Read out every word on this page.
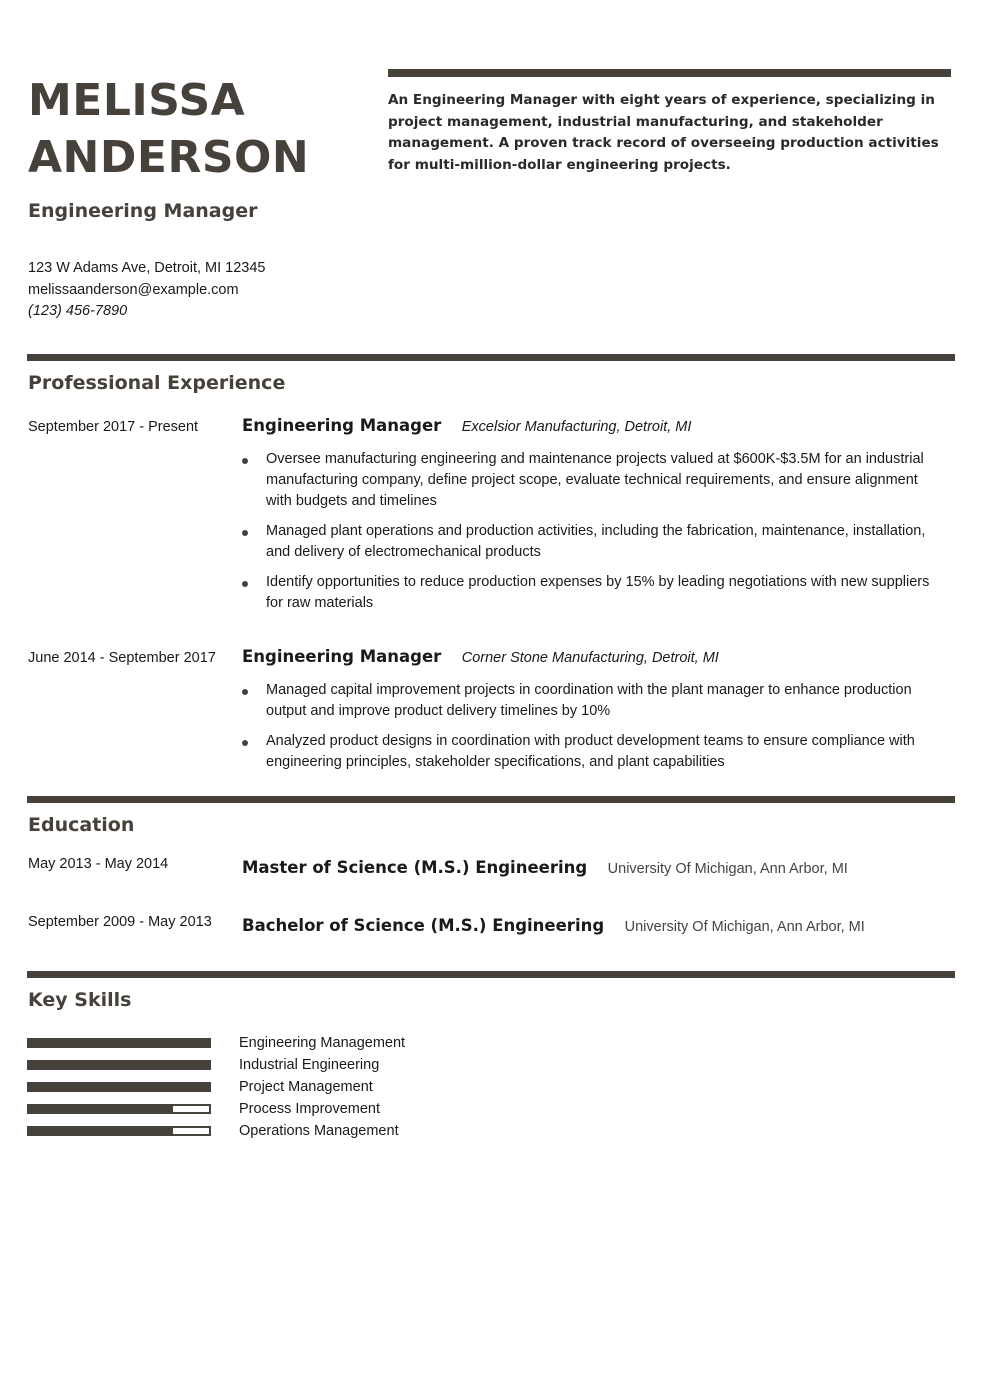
MELISSA
ANDERSON
Engineering Manager
123 W Adams Ave, Detroit, MI 12345
melissaanderson@example.com
(123) 456-7890
An Engineering Manager with eight years of experience, specializing in project management, industrial manufacturing, and stakeholder management. A proven track record of overseeing production activities for multi-million-dollar engineering projects.
Professional Experience
September 2017 - Present	Engineering Manager Excelsior Manufacturing, Detroit, MI
Oversee manufacturing engineering and maintenance projects valued at $600K-$3.5M for an industrial manufacturing company, define project scope, evaluate technical requirements, and ensure alignment with budgets and timelines
Managed plant operations and production activities, including the fabrication, maintenance, installation, and delivery of electromechanical products
Identify opportunities to reduce production expenses by 15% by leading negotiations with new suppliers for raw materials
June 2014 - September 2017 Engineering Manager Corner Stone Manufacturing, Detroit, MI
Managed capital improvement projects in coordination with the plant manager to enhance production output and improve product delivery timelines by 10%
Analyzed product designs in coordination with product development teams to ensure compliance with engineering principles, stakeholder specifications, and plant capabilities
Education
May 2013 - May 2014	Master of Science (M.S.) Engineering University Of Michigan, Ann Arbor, MI
September 2009 - May 2013 Bachelor of Science (M.S.) Engineering University Of Michigan, Ann Arbor, MI
Key Skills
Engineering Management
Industrial Engineering
Project Management
Process Improvement
Operations Management
